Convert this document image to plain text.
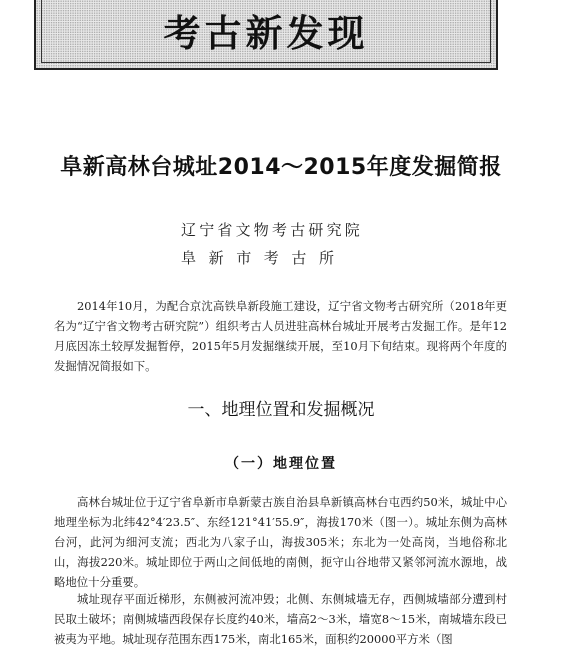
考古新发现
阜新高林台城址2014～2015年度发掘简报
辽宁省文物考古研究院
阜新市考古所
2014年10月，为配合京沈高铁阜新段施工建设，辽宁省文物考古研究所（2018年更名为“辽宁省文物考古研究院”）组织考古人员进驻高林台城址开展考古发掘工作。是年12月底因冻土较厚发掘暂停，2015年5月发掘继续开展，至10月下旬结束。现将两个年度的发掘情况简报如下。
一、地理位置和发掘概况
（一）地理位置
高林台城址位于辽宁省阜新市阜新蒙古族自治县阜新镇高林台屯西约50米，城址中心地理坐标为北纬42°4′23.5″、东经121°41′55.9″，海拔170米（图一）。城址东侧为高林台河，此河为细河支流；西北为八家子山，海拔305米；东北为一处高岗，当地俗称北山，海拔220米。城址即位于两山之间低地的南侧，扼守山谷地带又紧邻河流水源地，战略地位十分重要。
城址现存平面近梯形，东侧被河流冲毁；北侧、东侧城墙无存，西侧城墙部分遭到村民取土破坏；南侧城墙西段保存长度约40米，墙高2～3米，墙宽8～15米，南城墙东段已被夷为平地。城址现存范围东西175米，南北165米，面积约20000平方米（图
